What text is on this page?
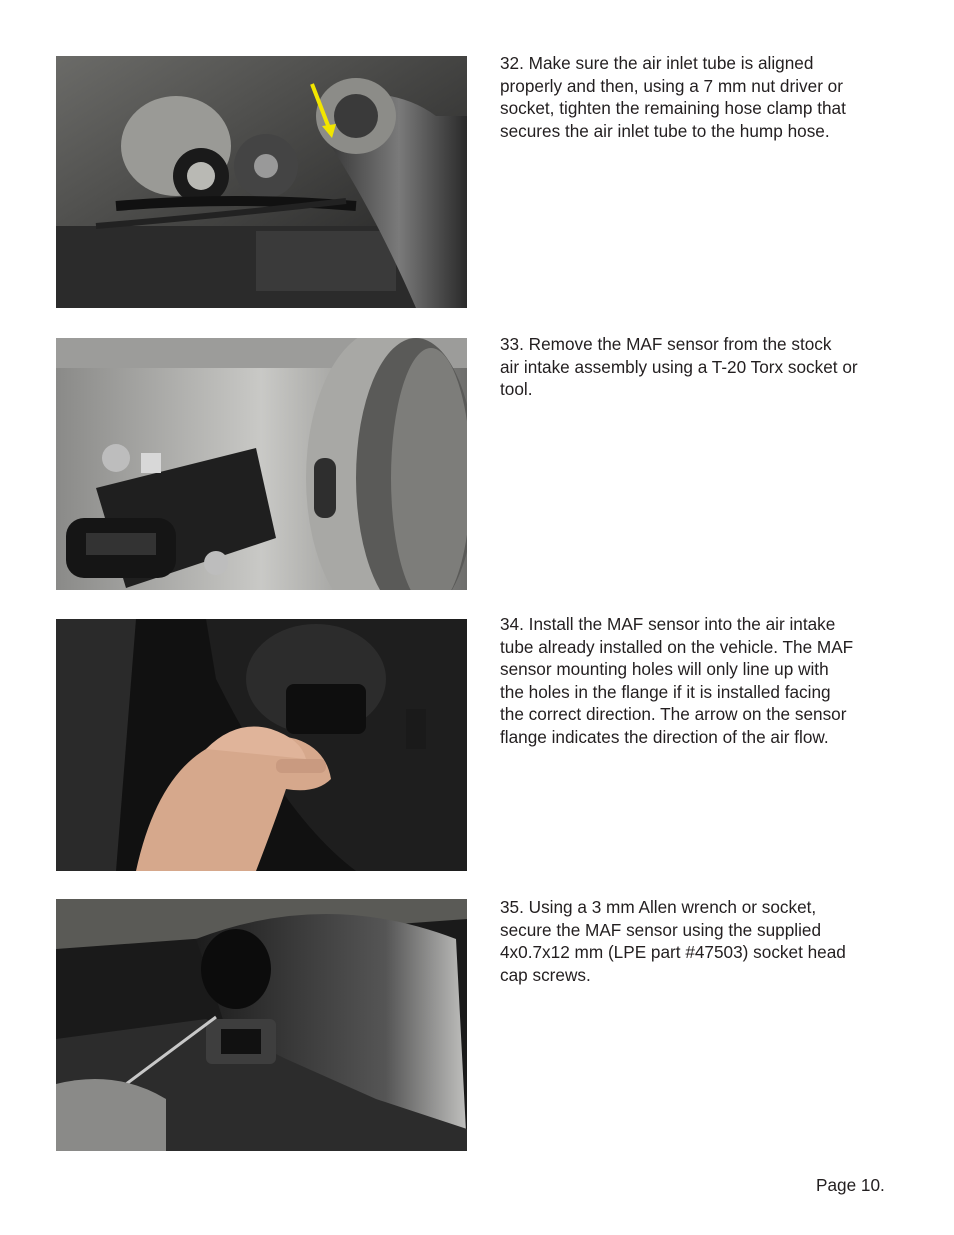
32. Make sure the air inlet tube is aligned
properly and then, using a 7 mm nut driver or
socket, tighten the remaining hose clamp that
secures the air inlet tube to the hump hose.
33. Remove the MAF sensor from the stock
air intake assembly using a T-20 Torx socket or
tool.
34. Install the MAF sensor into the air intake
tube already installed on the vehicle. The MAF
sensor mounting holes will only line up with
the holes in the flange if it is installed facing
the correct direction. The arrow on the sensor
flange indicates the direction of the air flow.
35. Using a 3 mm Allen wrench or socket,
secure the MAF sensor using the supplied
4x0.7x12 mm (LPE part #47503) socket head
cap screws.
Page 10.
